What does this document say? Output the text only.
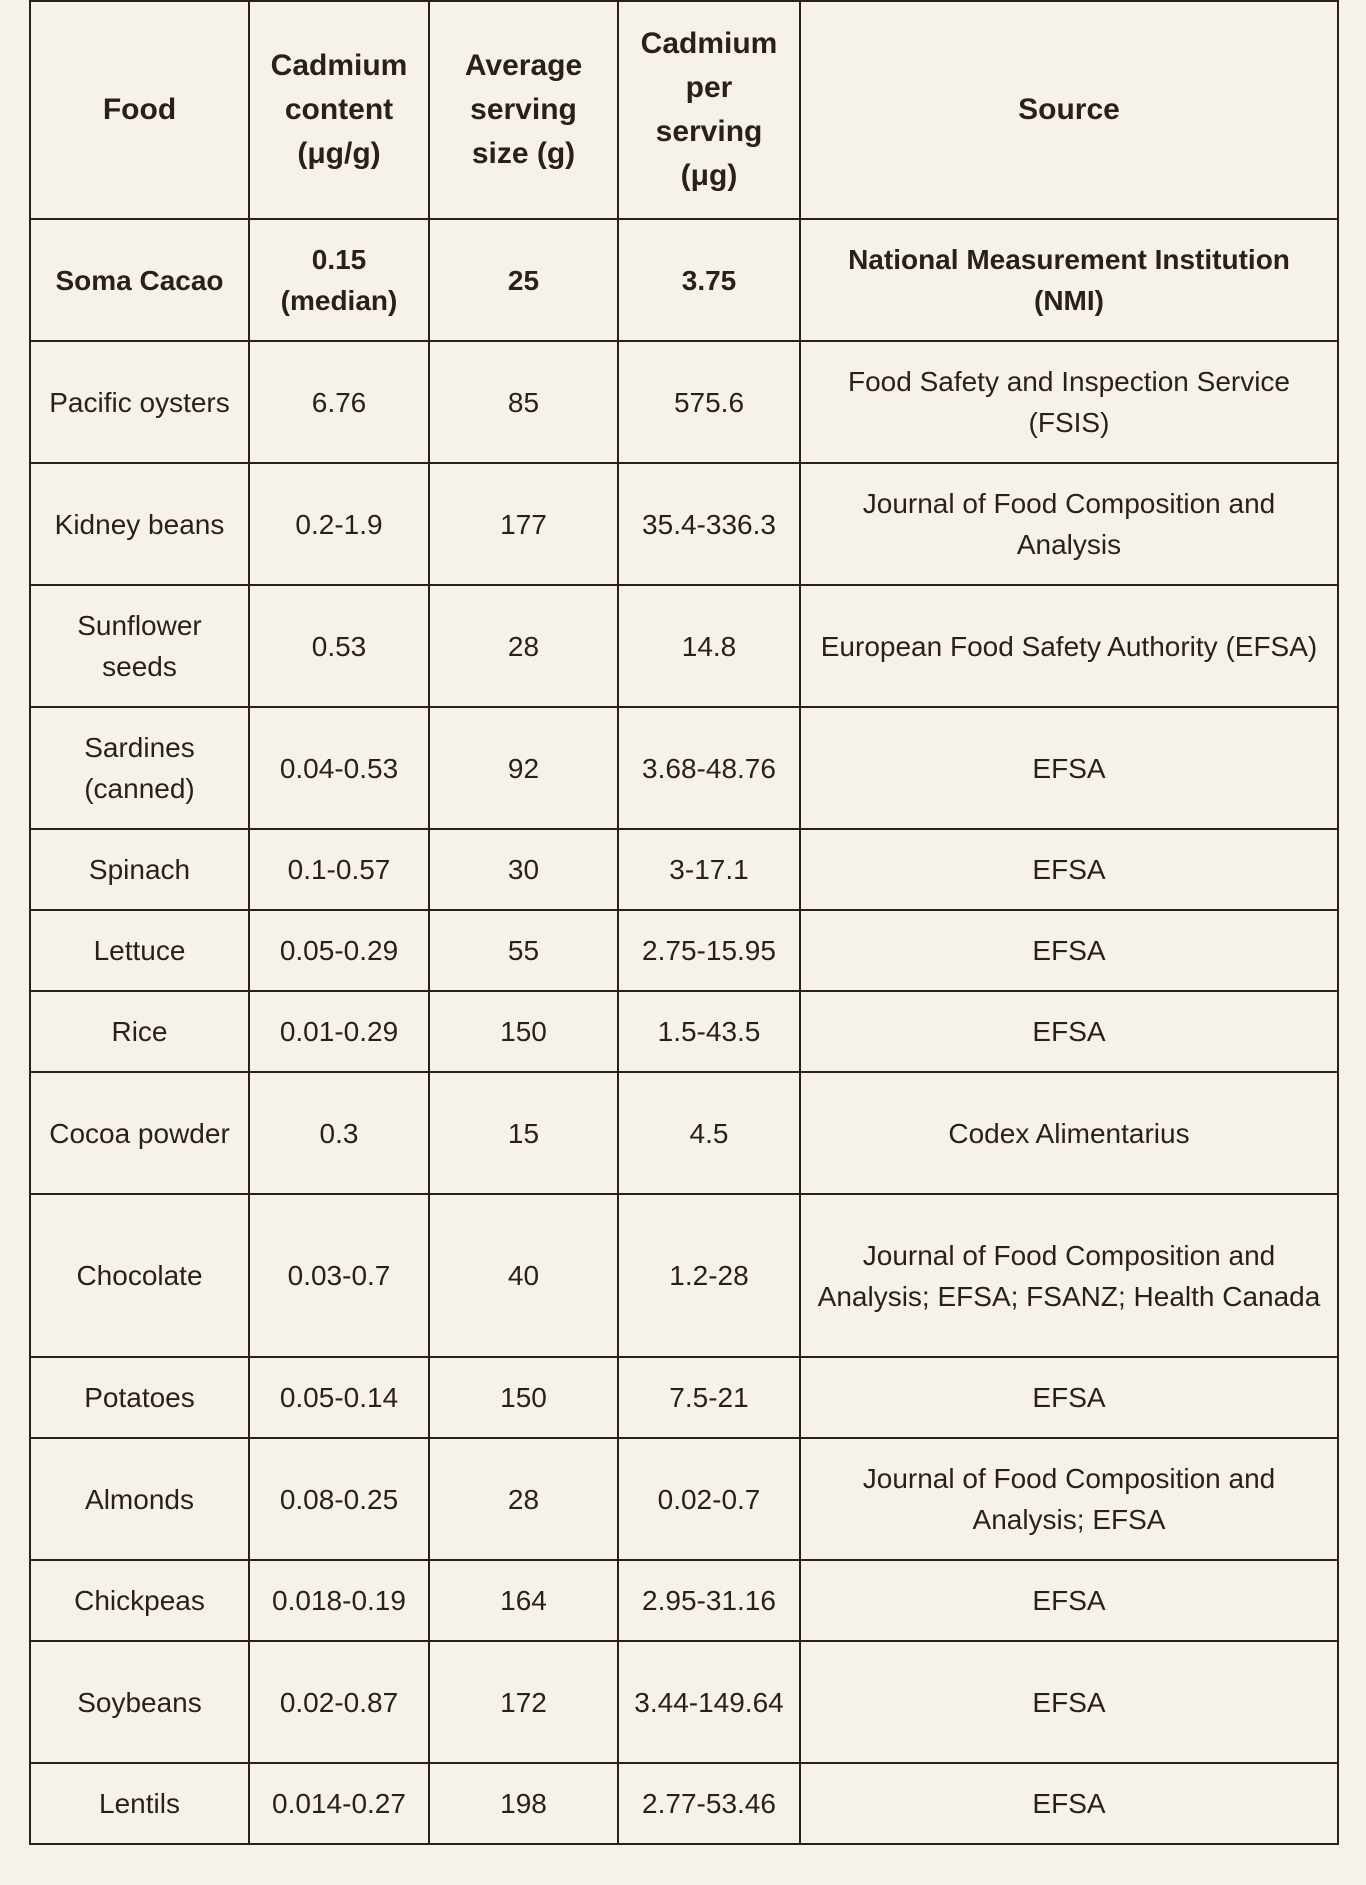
Food	Cadmium content (μg/g)	Average serving size (g)	Cadmium per serving (μg)	Source
Soma Cacao	0.15 (median)	25	3.75	National Measurement Institution (NMI)
Pacific oysters	6.76	85	575.6	Food Safety and Inspection Service (FSIS)
Kidney beans	0.2-1.9	177	35.4-336.3	Journal of Food Composition and Analysis
Sunflower seeds	0.53	28	14.8	European Food Safety Authority (EFSA)
Sardines (canned)	0.04-0.53	92	3.68-48.76	EFSA
Spinach	0.1-0.57	30	3-17.1	EFSA
Lettuce	0.05-0.29	55	2.75-15.95	EFSA
Rice	0.01-0.29	150	1.5-43.5	EFSA
Cocoa powder	0.3	15	4.5	Codex Alimentarius
Chocolate	0.03-0.7	40	1.2-28	Journal of Food Composition and Analysis; EFSA; FSANZ; Health Canada
Potatoes	0.05-0.14	150	7.5-21	EFSA
Almonds	0.08-0.25	28	0.02-0.7	Journal of Food Composition and Analysis; EFSA
Chickpeas	0.018-0.19	164	2.95-31.16	EFSA
Soybeans	0.02-0.87	172	3.44-149.64	EFSA
Lentils	0.014-0.27	198	2.77-53.46	EFSA
